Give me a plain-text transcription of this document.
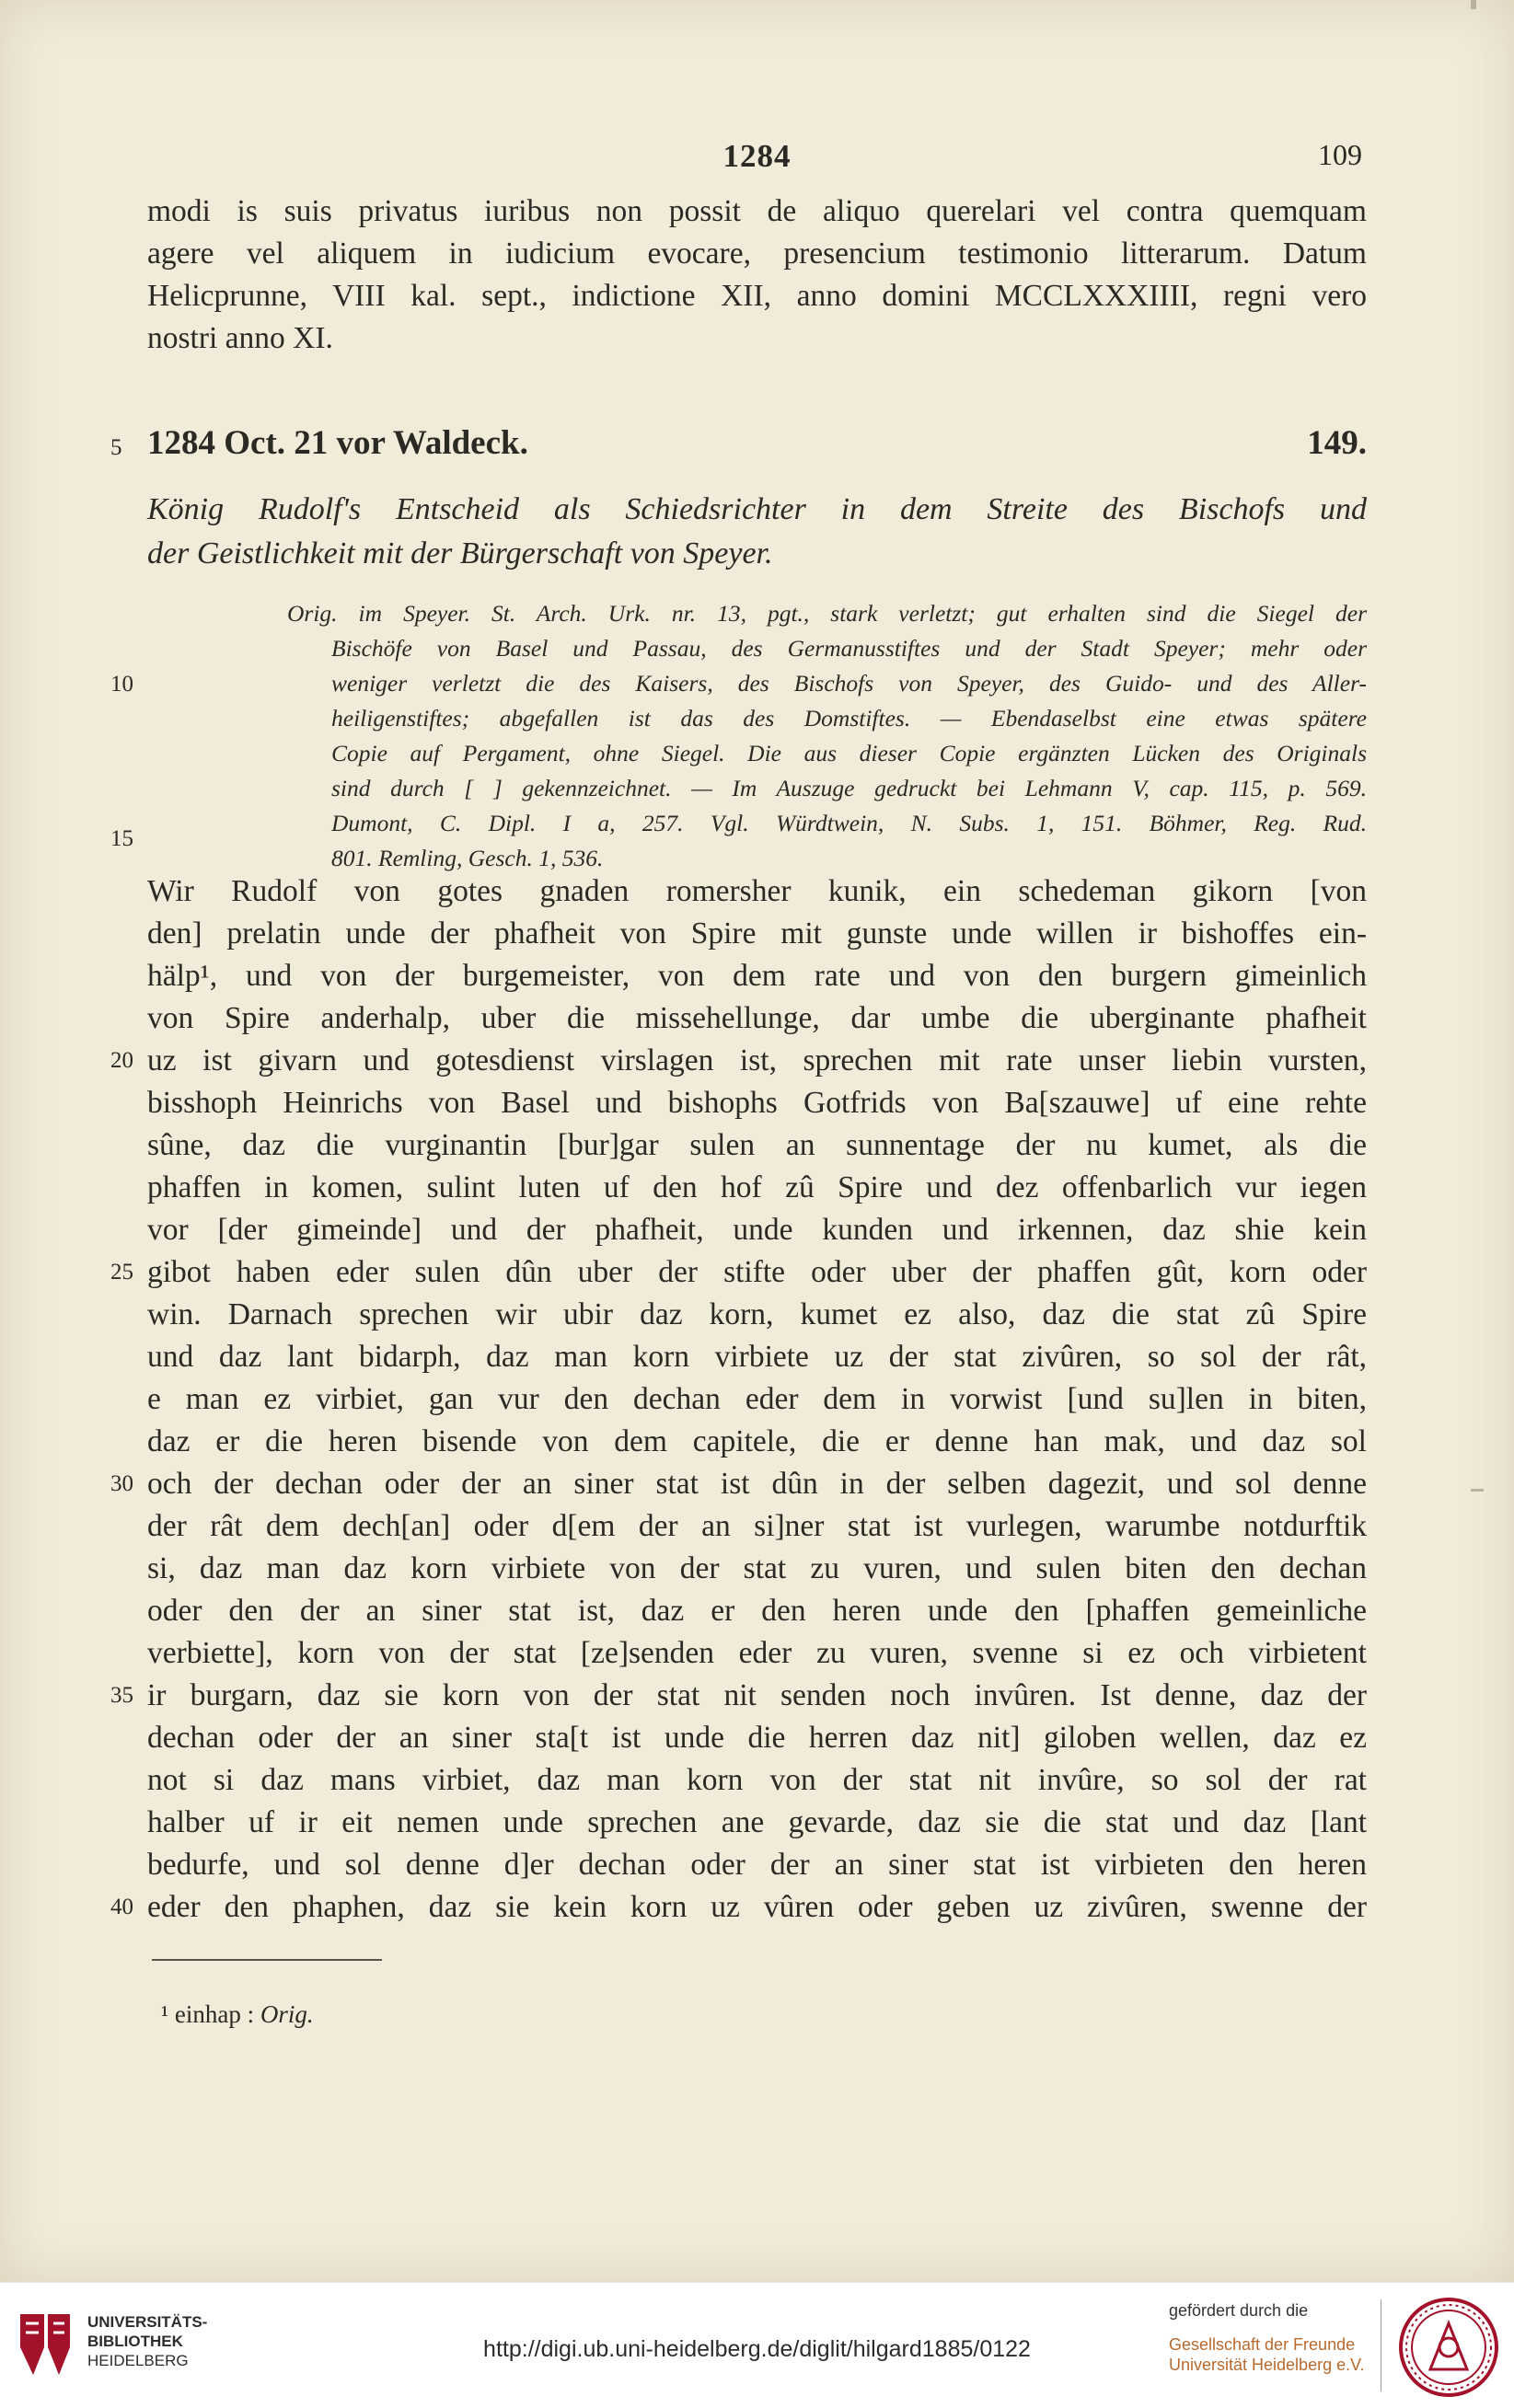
1284	109
modi is suis privatus iuribus non possit de aliquo querelari vel contra quemquam
agere vel aliquem in iudicium evocare, presencium testimonio litterarum. Datum
Helicprunne, VIII kal. sept., indictione XII, anno domini MCCLXXXIIII, regni vero
nostri anno XI.
5 1284 Oct. 21 vor Waldeck.	149.
König Rudolf's Entscheid als Schiedsrichter in dem Streite des Bischofs und
der Geistlichkeit mit der Bürgerschaft von Speyer.
Orig. im Speyer. St. Arch. Urk. nr. 13, pgt., stark verletzt; gut erhalten sind die Siegel der
Bischöfe von Basel und Passau, des Germanusstiftes und der Stadt Speyer; mehr oder
10	weniger verletzt die des Kaisers, des Bischofs von Speyer, des Guido- und des Aller-
heiligenstiftes; abgefallen ist das des Domstiftes. — Ebendaselbst eine etwas spätere
Copie auf Pergament, ohne Siegel. Die aus dieser Copie ergänzten Lücken des Originals
sind durch [ ] gekennzeichnet. — Im Auszuge gedruckt bei Lehmann V, cap. 115, p. 569.
Dumont, C. Dipl. I a, 257. Vgl. Würdtwein, N. Subs. 1, 151. Böhmer, Reg. Rud.
15
801. Remling, Gesch. 1, 536.
Wir Rudolf von gotes gnaden romersher kunik, ein schedeman gikorn [von
den] prelatin unde der phafheit von Spire mit gunste unde willen ir bishoffes ein-
hälp¹, und von der burgemeister, von dem rate und von den burgern gimeinlich
von Spire anderhalp, uber die missehellunge, dar umbe die uberginante phafheit
20 uz ist givarn und gotesdienst virslagen ist, sprechen mit rate unser liebin vursten,
bisshoph Heinrichs von Basel und bishophs Gotfrids von Ba[szauwe] uf eine rehte
sûne, daz die vurginantin [bur]gar sulen an sunnentage der nu kumet, als die
phaffen in komen, sulint luten uf den hof zû Spire und dez offenbarlich vur iegen
vor [der gimeinde] und der phafheit, unde kunden und irkennen, daz shie kein
25 gibot haben eder sulen dûn uber der stifte oder uber der phaffen gût, korn oder
win. Darnach sprechen wir ubir daz korn, kumet ez also, daz die stat zû Spire
und daz lant bidarph, daz man korn virbiete uz der stat zivûren, so sol der rât,
e man ez virbiet, gan vur den dechan eder dem in vorwist [und su]len in biten,
daz er die heren bisende von dem capitele, die er denne han mak, und daz sol
30 och der dechan oder der an siner stat ist dûn in der selben dagezit, und sol denne
der rât dem dech[an] oder d[em der an si]ner stat ist vurlegen, warumbe notdurftik
si, daz man daz korn virbiete von der stat zu vuren, und sulen biten den dechan
oder den der an siner stat ist, daz er den heren unde den [phaffen gemeinliche
verbiette], korn von der stat [ze]senden eder zu vuren, svenne si ez och virbietent
35 ir burgarn, daz sie korn von der stat nit senden noch invûren. Ist denne, daz der
dechan oder der an siner sta[t ist unde die herren daz nit] giloben wellen, daz ez
not si daz mans virbiet, daz man korn von der stat nit invûre, so sol der rat
halber uf ir eit nemen unde sprechen ane gevarde, daz sie die stat und daz [lant
bedurfe, und sol denne d]er dechan oder der an siner stat ist virbieten den heren
40 eder den phaphen, daz sie kein korn uz vûren oder geben uz zivûren, swenne der
¹ einhap : Orig.
UNIVERSITÄTS-
BIBLIOTHEK
HEIDELBERG	http://digi.ub.uni-heidelberg.de/diglit/hilgard1885/0122
gefördert durch die
Gesellschaft der Freunde
Universität Heidelberg e.V.
